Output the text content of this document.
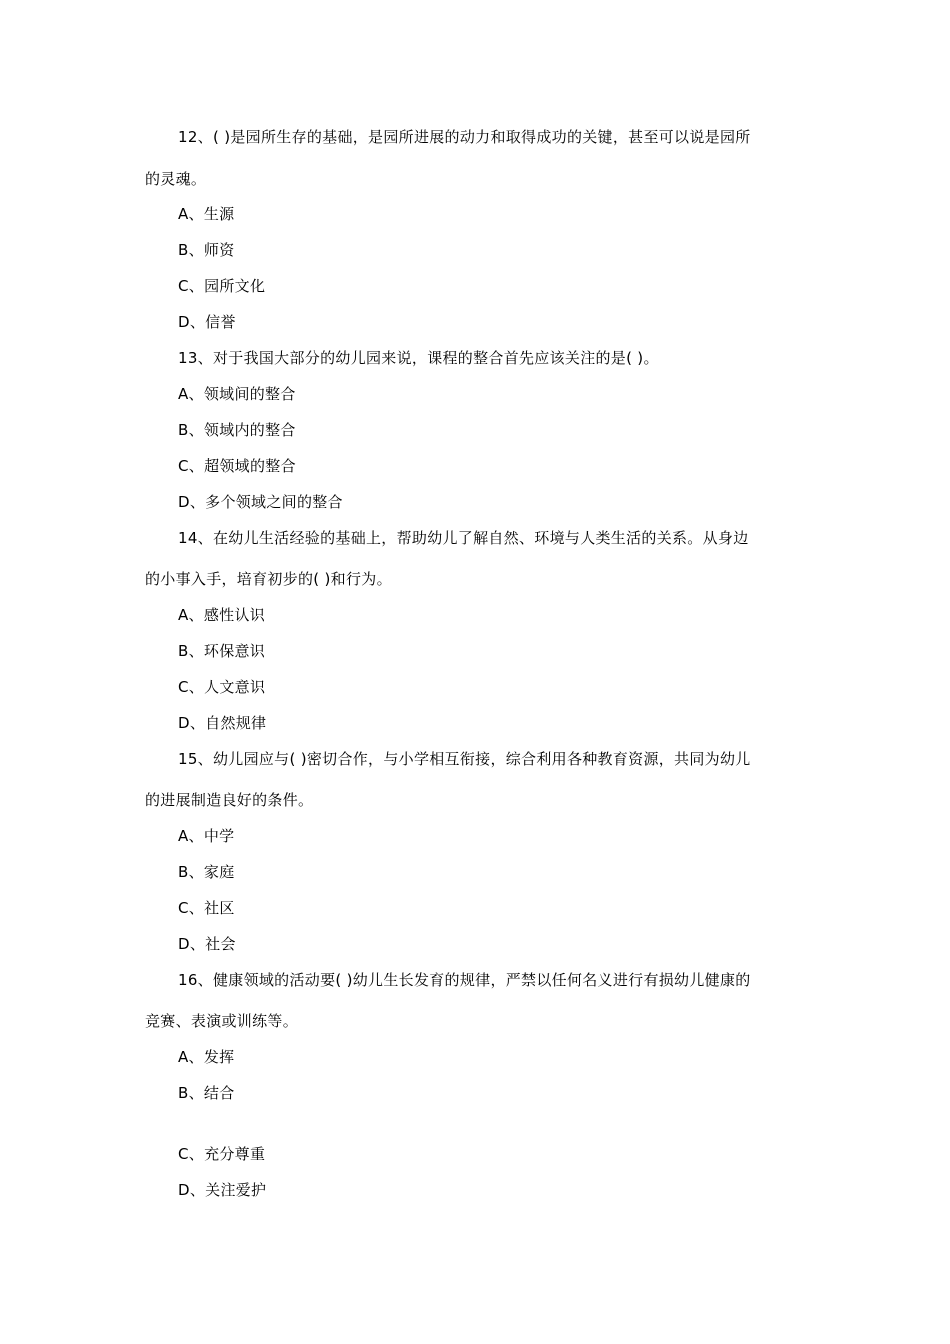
12、( )是园所生存的基础，是园所进展的动力和取得成功的关键，甚至可以说是园所
的灵魂。
A、生源
B、师资
C、园所文化
D、信誉
13、对于我国大部分的幼儿园来说，课程的整合首先应该关注的是( )。
A、领域间的整合
B、领域内的整合
C、超领域的整合
D、多个领域之间的整合
14、在幼儿生活经验的基础上，帮助幼儿了解自然、环境与人类生活的关系。从身边
的小事入手，培育初步的( )和行为。
A、感性认识
B、环保意识
C、人文意识
D、自然规律
15、幼儿园应与( )密切合作，与小学相互衔接，综合利用各种教育资源，共同为幼儿
的进展制造良好的条件。
A、中学
B、家庭
C、社区
D、社会
16、健康领域的活动要( )幼儿生长发育的规律，严禁以任何名义进行有损幼儿健康的
竞赛、表演或训练等。
A、发挥
B、结合
C、充分尊重
D、关注爱护
